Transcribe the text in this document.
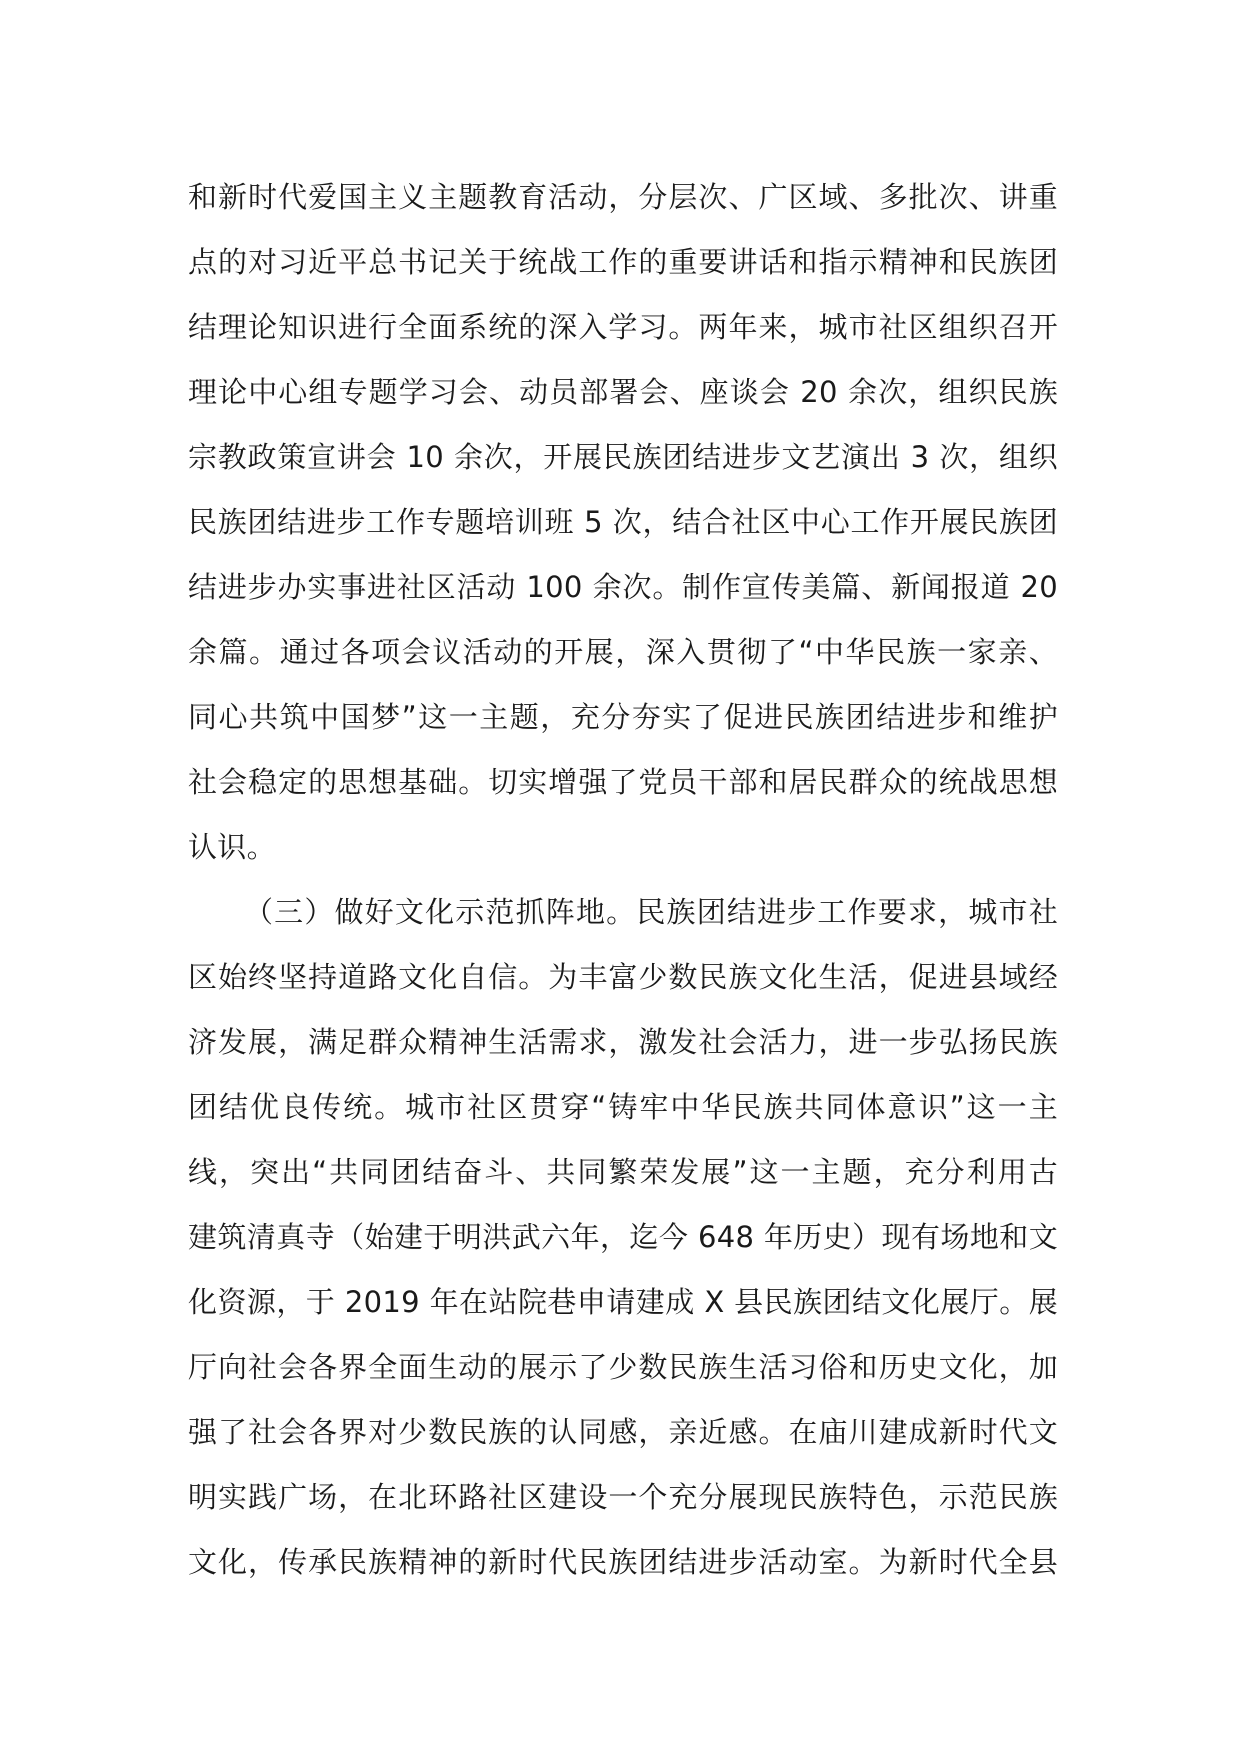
和新时代爱国主义主题教育活动，分层次、广区域、多批次、讲重
点的对习近平总书记关于统战工作的重要讲话和指示精神和民族团
结理论知识进行全面系统的深入学习。两年来，城市社区组织召开
理论中心组专题学习会、动员部署会、座谈会 20 余次，组织民族
宗教政策宣讲会 10 余次，开展民族团结进步文艺演出 3 次，组织
民族团结进步工作专题培训班 5 次，结合社区中心工作开展民族团
结进步办实事进社区活动 100 余次。制作宣传美篇、新闻报道 20
余篇。通过各项会议活动的开展，深入贯彻了“中华民族一家亲、
同心共筑中国梦”这一主题，充分夯实了促进民族团结进步和维护
社会稳定的思想基础。切实增强了党员干部和居民群众的统战思想
认识。
（三）做好文化示范抓阵地。民族团结进步工作要求，城市社
区始终坚持道路文化自信。为丰富少数民族文化生活，促进县域经
济发展，满足群众精神生活需求，激发社会活力，进一步弘扬民族
团结优良传统。城市社区贯穿“铸牢中华民族共同体意识”这一主
线，突出“共同团结奋斗、共同繁荣发展”这一主题，充分利用古
建筑清真寺（始建于明洪武六年，迄今 648 年历史）现有场地和文
化资源，于 2019 年在站院巷申请建成 X 县民族团结文化展厅。展
厅向社会各界全面生动的展示了少数民族生活习俗和历史文化，加
强了社会各界对少数民族的认同感，亲近感。在庙川建成新时代文
明实践广场，在北环路社区建设一个充分展现民族特色，示范民族
文化，传承民族精神的新时代民族团结进步活动室。为新时代全县
